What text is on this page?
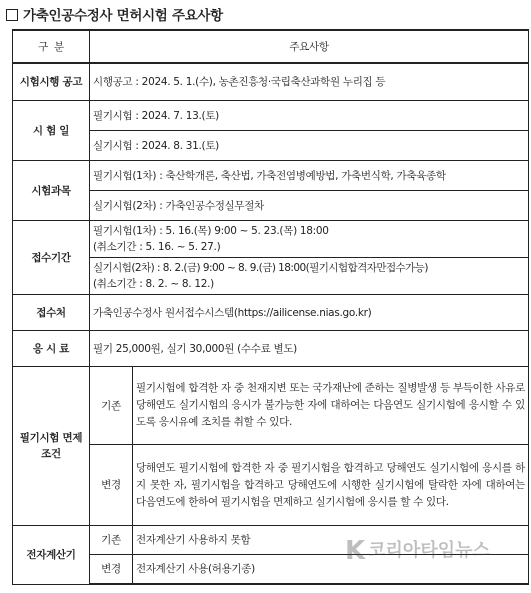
가축인공수정사 면허시험 주요사항
구  분	주요사항	
시험시행 공고	시행공고 : 2024. 5. 1.(수), 농촌진흥청·국립축산과학원 누리집 등	
시 험 일	필기시험 : 2024. 7. 13.(토)	
	실기시험 : 2024. 8. 31.(토)	
시험과목	필기시험(1차) : 축산학개론, 축산법, 가축전염병예방법, 가축번식학, 가축육종학	
	실기시험(2차) : 가축인공수정실무절차	
접수기간	필기시험(1차) : 5. 16.(목) 9:00 ~ 5. 23.(목) 18:00
(취소기간 : 5. 16. ~ 5. 27.)	

	실기시험(2차) : 8. 2.(금) 9:00 ~ 8. 9.(금) 18:00(필기시험합격자만접수가능)
(취소기간 : 8. 2. ~ 8. 12.)	

접수처	가축인공수정사 원서접수시스템(https://ailicense.nias.go.kr)	
응 시 료	필기 25,000원, 실기 30,000원 (수수료 별도)	
필기시험 면제조건	기존	필기시험에 합격한 자 중 천재지변 또는 국가재난에 준하는 질병발생 등 부득이한 사유로 당해연도 실기시험의 응시가 불가능한 자에 대하여는 다음연도 실기시험에 응시할 수 있도록 응시유예 조치를 취할 수 있다.
	변경	당해연도 필기시험에 합격한 자 중 필기시험을 합격하고 당해연도 실기시험에 응시를 하지 못한 자, 필기시험을 합격하고 당해연도에 시행한 실기시험에 탈락한 자에 대하여는 다음연도에 한하여 필기시험을 면제하고 실기시험에 응시를 할 수 있다.
전자계산기	기존	전자계산기 사용하지 못함
	변경	전자계산기 사용(허용기종)
K 코리아타임뉴스
